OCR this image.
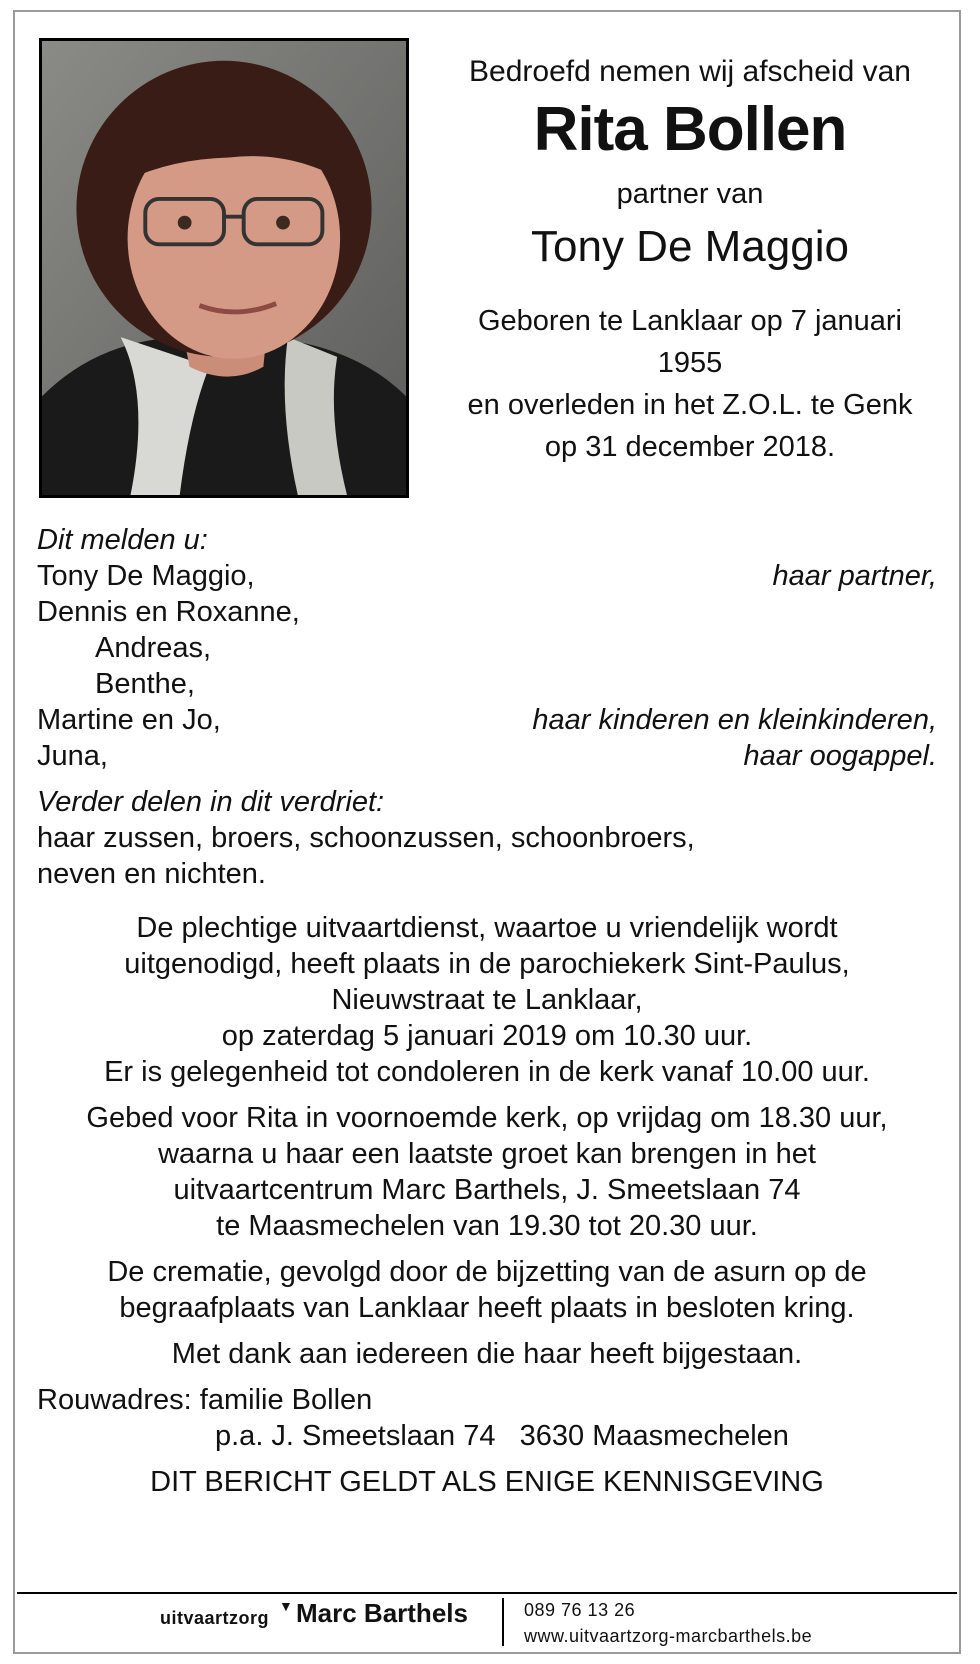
Bedroefd nemen wij afscheid van
Rita Bollen
partner van
Tony De Maggio
Geboren te Lanklaar op 7 januari
1955
en overleden in het Z.O.L. te Genk
op 31 december 2018.
Dit melden u:
Tony De Maggio,	haar partner,
Dennis en Roxanne,
Andreas,
Benthe,
Martine en Jo,	haar kinderen en kleinkinderen,
Juna,	haar oogappel.
Verder delen in dit verdriet:
haar zussen, broers, schoonzussen, schoonbroers,
neven en nichten.
De plechtige uitvaartdienst, waartoe u vriendelijk wordt
uitgenodigd, heeft plaats in de parochiekerk Sint-Paulus,
Nieuwstraat te Lanklaar,
op zaterdag 5 januari 2019 om 10.30 uur.
Er is gelegenheid tot condoleren in de kerk vanaf 10.00 uur.
Gebed voor Rita in voornoemde kerk, op vrijdag om 18.30 uur,
waarna u haar een laatste groet kan brengen in het
uitvaartcentrum Marc Barthels, J. Smeetslaan 74
te Maasmechelen van 19.30 tot 20.30 uur.
De crematie, gevolgd door de bijzetting van de asurn op de
begraafplaats van Lanklaar heeft plaats in besloten kring.
Met dank aan iedereen die haar heeft bijgestaan.
Rouwadres: familie Bollen
p.a. J. Smeetslaan 74   3630 Maasmechelen
DIT BERICHT GELDT ALS ENIGE KENNISGEVING
uitvaartzorg
▼ Marc Barthels	089 76 13 26
www.uitvaartzorg-marcbarthels.be
